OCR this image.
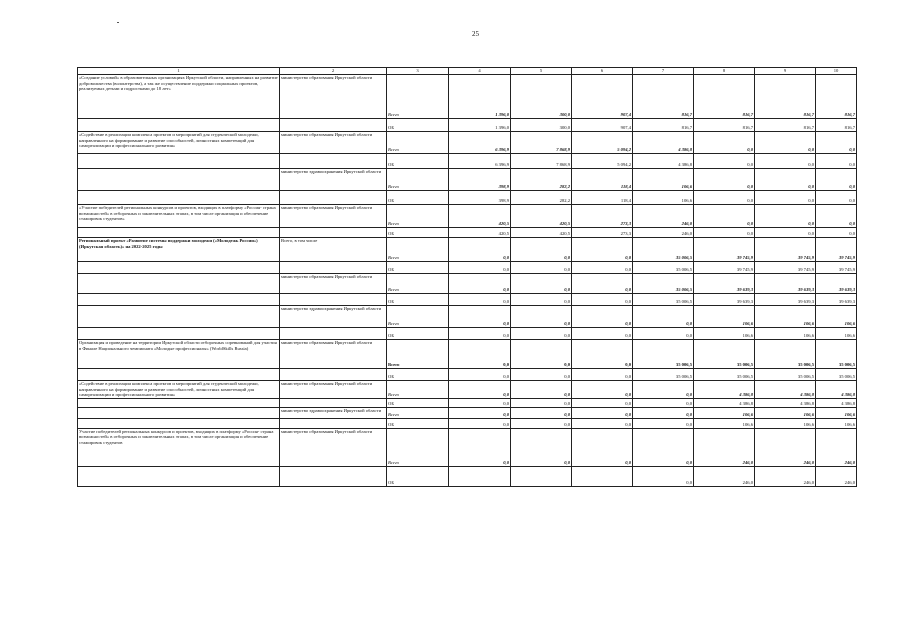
25
1	2	3	4	5	6	7	8	9	10
«Создание условий» в образовательных организациях Иркутской области, направленных на развитие добровольчества (волонтерства), а так же осуществление поддержки социальных проектов, реализуемых детьми и подростками до 18 лет»	министерство образования Иркутской области	Всего	1 396,0	300,0	907,4	816,7	816,7	816,7	816,7
		ОБ	1 396,0	300,0	907,4	816,7	816,7	816,7	816,7
«Содействие в реализации комплекса проектов и мероприятий для студенческой молодежи, направленного на формирование и развитие способностей, личностных компетенций для самореализации и профессионального развития»	министерство образования Иркутской области	Всего	6 396,9	7 868,9	5 094,2	4 386,8	0,0	0,0	0,0
		ОБ	6 396,9	7 868,9	5 094,2	4 386,8	0,0	0,0	0,0
	министерство здравоохранения Иркутской области	Всего	398,9	282,2	118,4	106,6	0,0	0,0	0,0
		ОБ	398,9	282,2	118,4	106,6	0,0	0,0	0,0
«Участие победителей региональных конкурсов и проектов, входящих в платформу «Россия- страна возможностей» в отборочных и заключительных этапах, в том числе организация и обеспечение стажировок студентов»	министерство образования Иркутской области	Всего	420,5	420,5	273,3	246,0	0,0	0,0	0,0
		ОБ	420,5	420,5	273,3	246,0	0,0	0,0	0,0
Региональный проект «Развитие системы поддержки молодежи («Молодежь России») (Иркутская область)» на 2022-2025 годы	Всего, в том числе	Всего	0,0	0,0	0,0	35 006,5	39 745,9	39 745,9	39 745,9
		ОБ	0,0	0,0	0,0	35 006,5	39 745,9	39 745,9	39 745,9
	министерство образования Иркутской области	Всего	0,0	0,0	0,0	35 006,5	39 639,3	39 639,3	39 639,3
		ОБ	0,0	0,0	0,0	35 006,5	39 639,3	39 639,3	39 639,3
	министерство здравоохранения Иркутской области	Всего	0,0	0,0	0,0	0,0	106,6	106,6	106,6
		ОБ	0,0	0,0	0,0	0,0	106,6	106,6	106,6
Организация и проведение на территории Иркутской области отборочных соревнований для участия в Финале Национального чемпионата «Молодые профессионалы» (WorldSkills Russia)	министерство образования Иркутской области	Всего	0,0	0,0	0,0	35 006,5	35 006,5	35 006,5	35 006,5
		ОБ	0,0	0,0	0,0	35 006,5	35 006,5	35 006,5	35 006,5
«Содействие в реализации комплекса проектов и мероприятий для студенческой молодежи, направленного на формирование и развитие способностей, личностных компетенций для самореализации и профессионального развития»	министерство образования Иркутской области	Всего	0,0	0,0	0,0	0,0	4 386,8	4 386,8	4 386,8
		ОБ	0,0	0,0	0,0	0,0	4 386,8	4 386,8	4 386,8
	министерство здравоохранения Иркутской области	Всего	0,0	0,0	0,0	0,0	106,6	106,6	106,6
		ОБ	0,0	0,0	0,0	0,0	106,6	106,6	106,6
Участие победителей региональных конкурсов и проектов, входящих в платформу «Россия- страна возможностей» в отборочных и заключительных этапах, в том числе организация и обеспечение стажировок студентов	министерство образования Иркутской области	Всего	0,0	0,0	0,0	0,0	246,0	246,0	246,0
		ОБ				0,0	246,0	246,0	246,0
